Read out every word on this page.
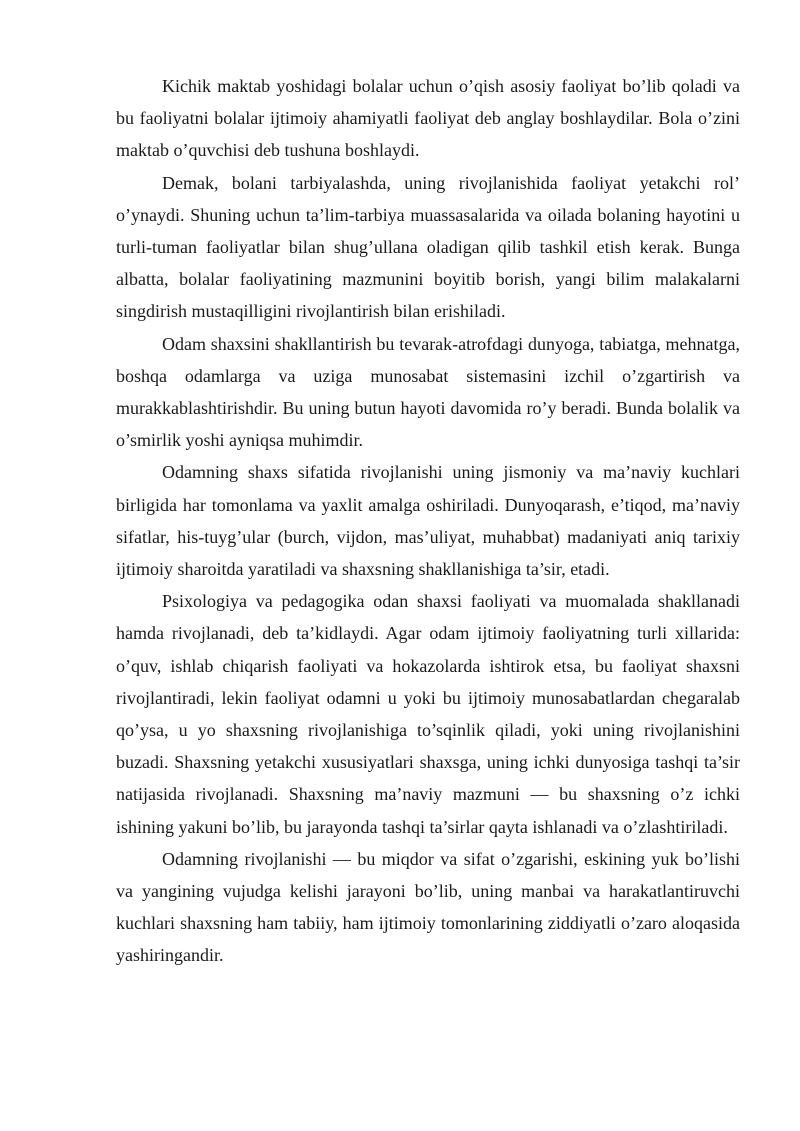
Kichik maktab yoshidagi bolalar uchun o’qish asosiy faoliyat bo’lib qoladi va bu faoliyatni bolalar ijtimoiy ahamiyatli faoliyat deb anglay boshlaydilar. Bola o’zini maktab o’quvchisi deb tushuna boshlaydi.

Demak, bolani tarbiyalashda, uning rivojlanishida faoliyat yetakchi rol’ o’ynaydi. Shuning uchun ta’lim-tarbiya muassasalarida va oilada bolaning hayotini u turli-tuman faoliyatlar bilan shug’ullana oladigan qilib tashkil etish kerak. Bunga albatta, bolalar faoliyatining mazmunini boyitib borish, yangi bilim malakalarni singdirish mustaqilligini rivojlantirish bilan erishiladi.

Odam shaxsini shakllantirish bu tevarak-atrofdagi dunyoga, tabiatga, mehnatga, boshqa odamlarga va uziga munosabat sistemasini izchil o’zgartirish va murakkablashtirishdir. Bu uning butun hayoti davomida ro’y beradi. Bunda bolalik va o’smirlik yoshi ayniqsa muhimdir.

Odamning shaxs sifatida rivojlanishi uning jismoniy va ma’naviy kuchlari birligida har tomonlama va yaxlit amalga oshiriladi. Dunyoqarash, e’tiqod, ma’naviy sifatlar, his-tuyg’ular (burch, vijdon, mas’uliyat, muhabbat) madaniyati aniq tarixiy ijtimoiy sharoitda yaratiladi va shaxsning shakllanishiga ta’sir, etadi.

Psixologiya va pedagogika odan shaxsi faoliyati va muomalada shakllanadi hamda rivojlanadi, deb ta’kidlaydi. Agar odam ijtimoiy faoliyatning turli xillarida: o’quv, ishlab chiqarish faoliyati va hokazolarda ishtirok etsa, bu faoliyat shaxsni rivojlantiradi, lekin faoliyat odamni u yoki bu ijtimoiy munosabatlardan chegaralab qo’ysa, u yo shaxsning rivojlanishiga to’sqinlik qiladi, yoki uning rivojlanishini buzadi. Shaxsning yetakchi xususiyatlari shaxsga, uning ichki dunyosiga tashqi ta’sir natijasida rivojlanadi. Shaxsning ma’naviy mazmuni — bu shaxsning o’z ichki ishining yakuni bo’lib, bu jarayonda tashqi ta’sirlar qayta ishlanadi va o’zlashtiriladi.

Odamning rivojlanishi — bu miqdor va sifat o’zgarishi, eskining yuk bo’lishi va yangining vujudga kelishi jarayoni bo’lib, uning manbai va harakatlantiruvchi kuchlari shaxsning ham tabiiy, ham ijtimoiy tomonlarining ziddiyatli o’zaro aloqasida yashiringandir.
